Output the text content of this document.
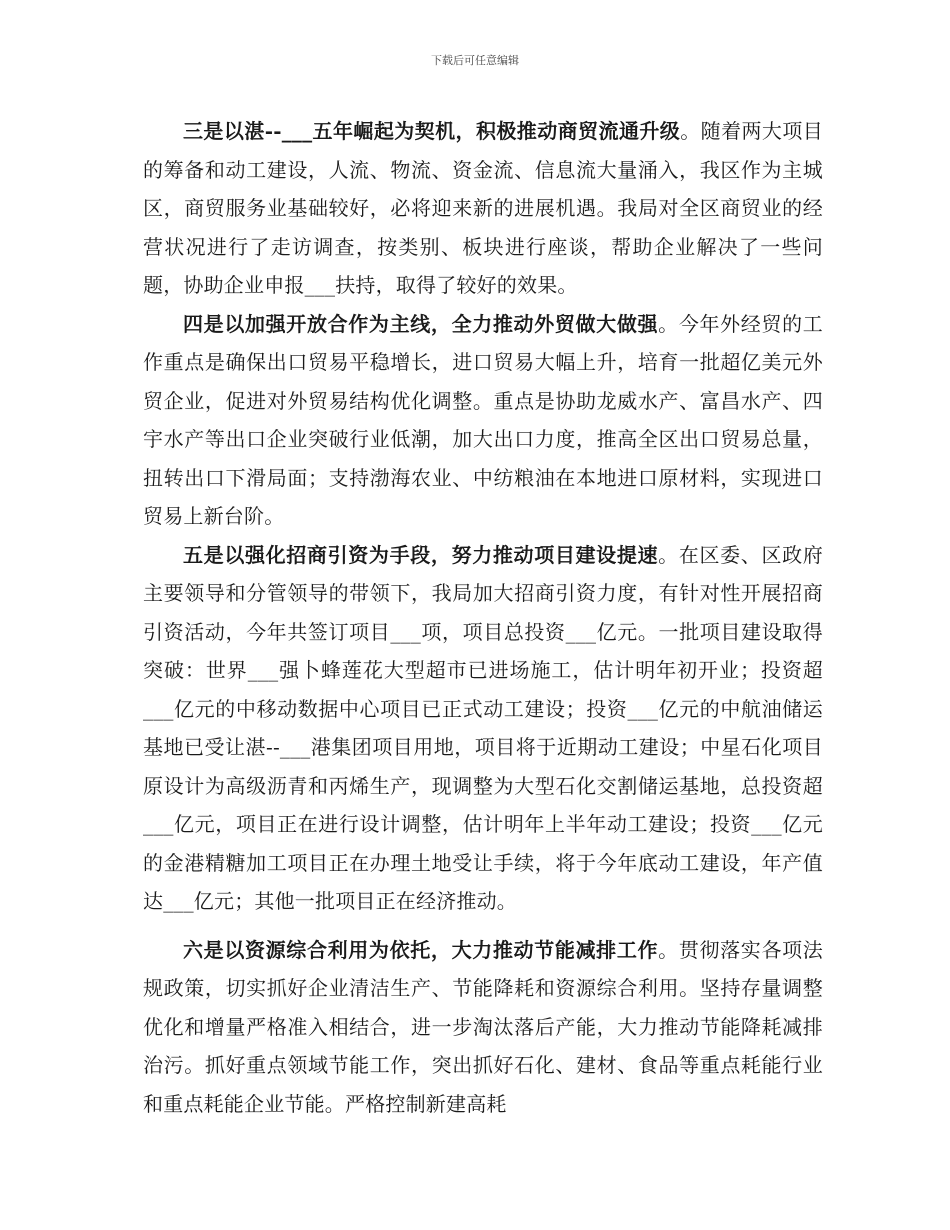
下载后可任意编辑

三是以湛--___五年崛起为契机，积极推动商贸流通升级。随着两大项目的筹备和动工建设，人流、物流、资金流、信息流大量涌入，我区作为主城区，商贸服务业基础较好，必将迎来新的进展机遇。我局对全区商贸业的经营状况进行了走访调查，按类别、板块进行座谈，帮助企业解决了一些问题，协助企业申报___扶持，取得了较好的效果。

四是以加强开放合作为主线，全力推动外贸做大做强。今年外经贸的工作重点是确保出口贸易平稳增长，进口贸易大幅上升，培育一批超亿美元外贸企业，促进对外贸易结构优化调整。重点是协助龙威水产、富昌水产、四宇水产等出口企业突破行业低潮，加大出口力度，推高全区出口贸易总量，扭转出口下滑局面；支持渤海农业、中纺粮油在本地进口原材料，实现进口贸易上新台阶。

五是以强化招商引资为手段，努力推动项目建设提速。在区委、区政府主要领导和分管领导的带领下，我局加大招商引资力度，有针对性开展招商引资活动，今年共签订项目___项，项目总投资___亿元。一批项目建设取得突破：世界___强卜蜂莲花大型超市已进场施工，估计明年初开业；投资超___亿元的中移动数据中心项目已正式动工建设；投资___亿元的中航油储运基地已受让湛--___港集团项目用地，项目将于近期动工建设；中星石化项目原设计为高级沥青和丙烯生产，现调整为大型石化交割储运基地，总投资超___亿元，项目正在进行设计调整，估计明年上半年动工建设；投资___亿元的金港精糖加工项目正在办理土地受让手续，将于今年底动工建设，年产值达___亿元；其他一批项目正在经济推动。

六是以资源综合利用为依托，大力推动节能减排工作。贯彻落实各项法规政策，切实抓好企业清洁生产、节能降耗和资源综合利用。坚持存量调整优化和增量严格准入相结合，进一步淘汰落后产能，大力推动节能降耗减排治污。抓好重点领域节能工作，突出抓好石化、建材、食品等重点耗能行业和重点耗能企业节能。严格控制新建高耗
